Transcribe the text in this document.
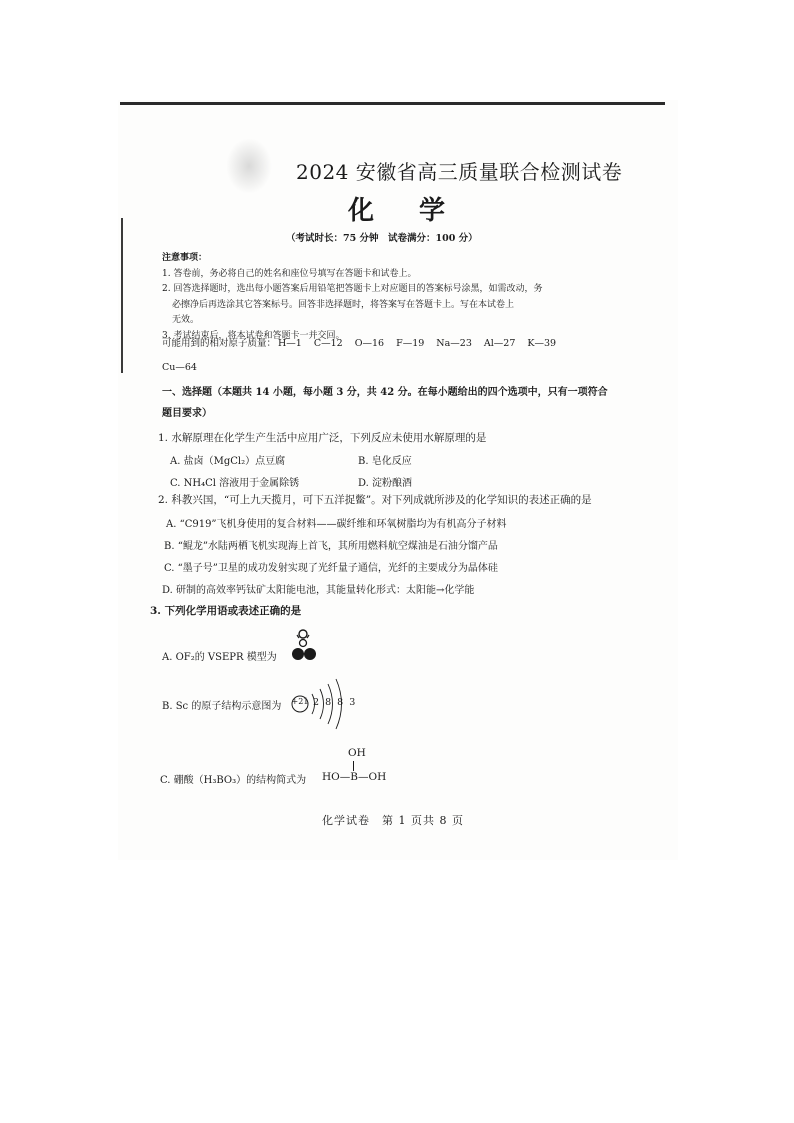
2024 安徽省高三质量联合检测试卷
化 学
（考试时长：75 分钟　试卷满分：100 分）
注意事项：
1. 答卷前，务必将自己的姓名和座位号填写在答题卡和试卷上。
2. 回答选择题时，选出每小题答案后用铅笔把答题卡上对应题目的答案标号涂黑，如需改动，务
必擦净后再选涂其它答案标号。回答非选择题时，将答案写在答题卡上。写在本试卷上
无效。
3. 考试结束后，将本试卷和答题卡一并交回。
可能用到的相对原子质量： H—1 C—12 O—16 F—19 Na—23 Al—27 K—39
Cu—64
一、选择题（本题共 14 小题，每小题 3 分，共 42 分。在每小题给出的四个选项中，只有一项符合
题目要求）
1. 水解原理在化学生产生活中应用广泛，下列反应未使用水解原理的是
A. 盐卤（MgCl₂）点豆腐	B. 皂化反应
C. NH₄Cl 溶液用于金属除锈	D. 淀粉酿酒
2. 科教兴国，“可上九天揽月，可下五洋捉鳖”。对下列成就所涉及的化学知识的表述正确的是
A. “C919”飞机身使用的复合材料——碳纤维和环氧树脂均为有机高分子材料
B. “鲲龙”水陆两栖飞机实现海上首飞，其所用燃料航空煤油是石油分馏产品
C. “墨子号”卫星的成功发射实现了光纤量子通信，光纤的主要成分为晶体硅
D. 研制的高效率钙钛矿太阳能电池，其能量转化形式：太阳能→化学能
3. 下列化学用语或表述正确的是
A. OF₂的 VSEPR 模型为
B. Sc 的原子结构示意图为 +21 2 8 8 3
C. 硼酸（H₃BO₃）的结构简式为
OH
HO—B—OH
化学试卷　第 1 页共 8 页
